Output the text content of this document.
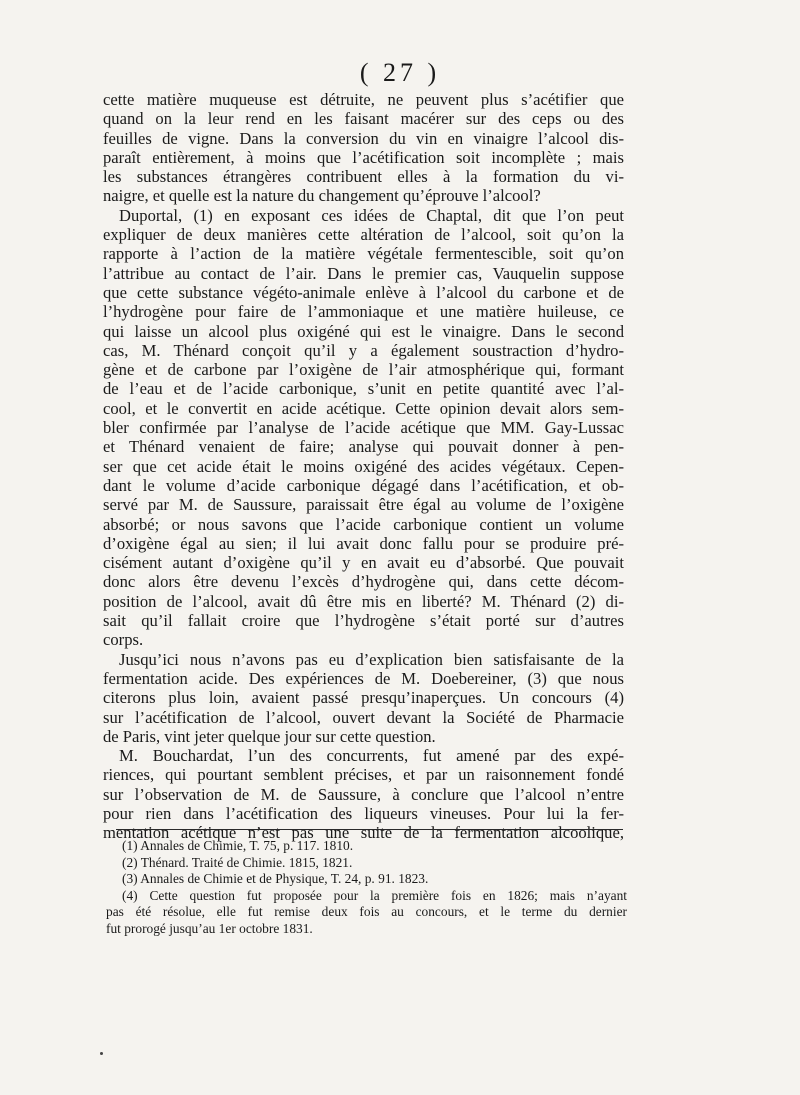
( 27 )
cette matière muqueuse est détruite, ne peuvent plus s’acétifier que
quand on la leur rend en les faisant macérer sur des ceps ou des
feuilles de vigne. Dans la conversion du vin en vinaigre l’alcool dis-
paraît entièrement, à moins que l’acétification soit incomplète ; mais
les substances étrangères contribuent elles à la formation du vi-
naigre, et quelle est la nature du changement qu’éprouve l’alcool?
Duportal, (1) en exposant ces idées de Chaptal, dit que l’on peut
expliquer de deux manières cette altération de l’alcool, soit qu’on la
rapporte à l’action de la matière végétale fermentescible, soit qu’on
l’attribue au contact de l’air. Dans le premier cas, Vauquelin suppose
que cette substance végéto-animale enlève à l’alcool du carbone et de
l’hydrogène pour faire de l’ammoniaque et une matière huileuse, ce
qui laisse un alcool plus oxigéné qui est le vinaigre. Dans le second
cas, M. Thénard conçoit qu’il y a également soustraction d’hydro-
gène et de carbone par l’oxigène de l’air atmosphérique qui, formant
de l’eau et de l’acide carbonique, s’unit en petite quantité avec l’al-
cool, et le convertit en acide acétique. Cette opinion devait alors sem-
bler confirmée par l’analyse de l’acide acétique que MM. Gay-Lussac
et Thénard venaient de faire; analyse qui pouvait donner à pen-
ser que cet acide était le moins oxigéné des acides végétaux. Cepen-
dant le volume d’acide carbonique dégagé dans l’acétification, et ob-
servé par M. de Saussure, paraissait être égal au volume de l’oxigène
absorbé; or nous savons que l’acide carbonique contient un volume
d’oxigène égal au sien; il lui avait donc fallu pour se produire pré-
cisément autant d’oxigène qu’il y en avait eu d’absorbé. Que pouvait
donc alors être devenu l’excès d’hydrogène qui, dans cette décom-
position de l’alcool, avait dû être mis en liberté? M. Thénard (2) di-
sait qu’il fallait croire que l’hydrogène s’était porté sur d’autres
corps.
Jusqu’ici nous n’avons pas eu d’explication bien satisfaisante de la
fermentation acide. Des expériences de M. Doebereiner, (3) que nous
citerons plus loin, avaient passé presqu’inaperçues. Un concours (4)
sur l’acétification de l’alcool, ouvert devant la Société de Pharmacie
de Paris, vint jeter quelque jour sur cette question.
M. Bouchardat, l’un des concurrents, fut amené par des expé-
riences, qui pourtant semblent précises, et par un raisonnement fondé
sur l’observation de M. de Saussure, à conclure que l’alcool n’entre
pour rien dans l’acétification des liqueurs vineuses. Pour lui la fer-
mentation acétique n’est pas une suite de la fermentation alcoolique,
(1) Annales de Chimie, T. 75, p. 117. 1810.
(2) Thénard. Traité de Chimie. 1815, 1821.
(3) Annales de Chimie et de Physique, T. 24, p. 91. 1823.
(4) Cette question fut proposée pour la première fois en 1826; mais n’ayant
pas été résolue, elle fut remise deux fois au concours, et le terme du dernier
fut prorogé jusqu’au 1er octobre 1831.
